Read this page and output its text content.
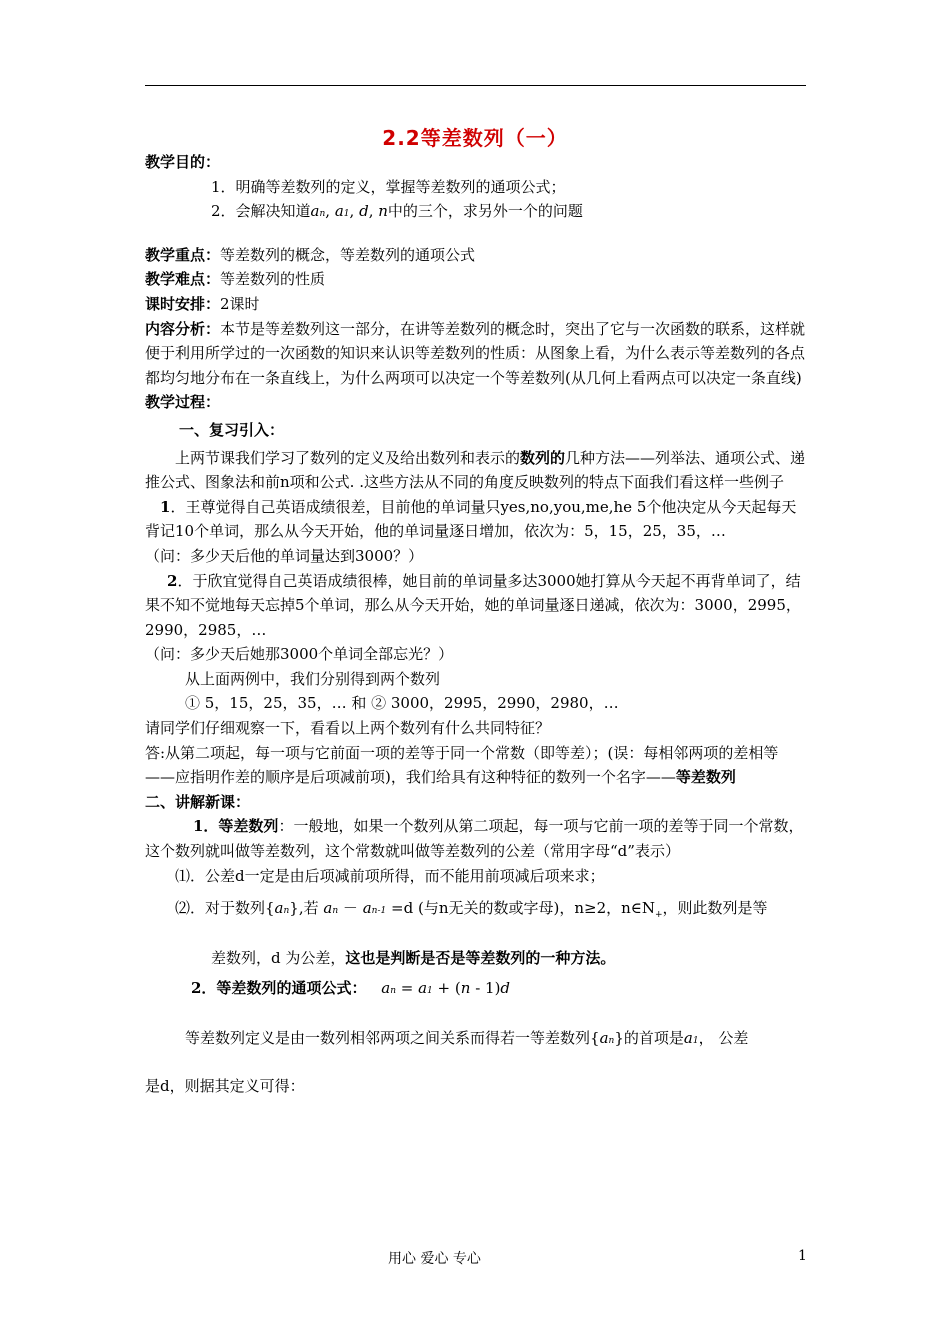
2.2等差数列（一）

教学目的：

1．明确等差数列的定义，掌握等差数列的通项公式；

2．会解决知道an, a1, d, n中的三个，求另外一个的问题

教学重点：等差数列的概念，等差数列的通项公式

教学难点：等差数列的性质

课时安排：2课时

内容分析：本节是等差数列这一部分，在讲等差数列的概念时，突出了它与一次函数的联系，这样就便于利用所学过的一次函数的知识来认识等差数列的性质：从图象上看，为什么表示等差数列的各点都均匀地分布在一条直线上，为什么两项可以决定一个等差数列(从几何上看两点可以决定一条直线)

教学过程：

一、复习引入：

上两节课我们学习了数列的定义及给出数列和表示的数列的几种方法——列举法、通项公式、递推公式、图象法和前n项和公式. .这些方法从不同的角度反映数列的特点下面我们看这样一些例子

1．王尊觉得自己英语成绩很差，目前他的单词量只yes,no,you,me,he 5个他决定从今天起每天背记10个单词，那么从今天开始，他的单词量逐日增加，依次为：5，15，25，35，…

（问：多少天后他的单词量达到3000？）

2．于欣宜觉得自己英语成绩很棒，她目前的单词量多达3000她打算从今天起不再背单词了，结果不知不觉地每天忘掉5个单词，那么从今天开始，她的单词量逐日递减，依次为：3000，2995，2990，2985，…

（问：多少天后她那3000个单词全部忘光？）

从上面两例中，我们分别得到两个数列

① 5，15，25，35，… 和 ② 3000，2995，2990，2980，…

请同学们仔细观察一下，看看以上两个数列有什么共同特征？

答:从第二项起，每一项与它前面一项的差等于同一个常数（即等差）；(误：每相邻两项的差相等——应指明作差的顺序是后项减前项)，我们给具有这种特征的数列一个名字——等差数列

二、讲解新课：

1．等差数列：一般地，如果一个数列从第二项起，每一项与它前一项的差等于同一个常数，这个数列就叫做等差数列，这个常数就叫做等差数列的公差（常用字母“d”表示）

⑴．公差d一定是由后项减前项所得，而不能用前项减后项来求；

⑵．对于数列{an},若 an － an-1 =d (与n无关的数或字母)，n≥2，$n\in N_+$，则此数列是等

差数列，d 为公差，这也是判断是否是等差数列的一种方法。

2．等差数列的通项公式： an = a1 + (n - 1)d

等差数列定义是由一数列相邻两项之间关系而得若一等差数列{an}的首项是a1， 公差

是d，则据其定义可得：

用心 爱心 专心	1
